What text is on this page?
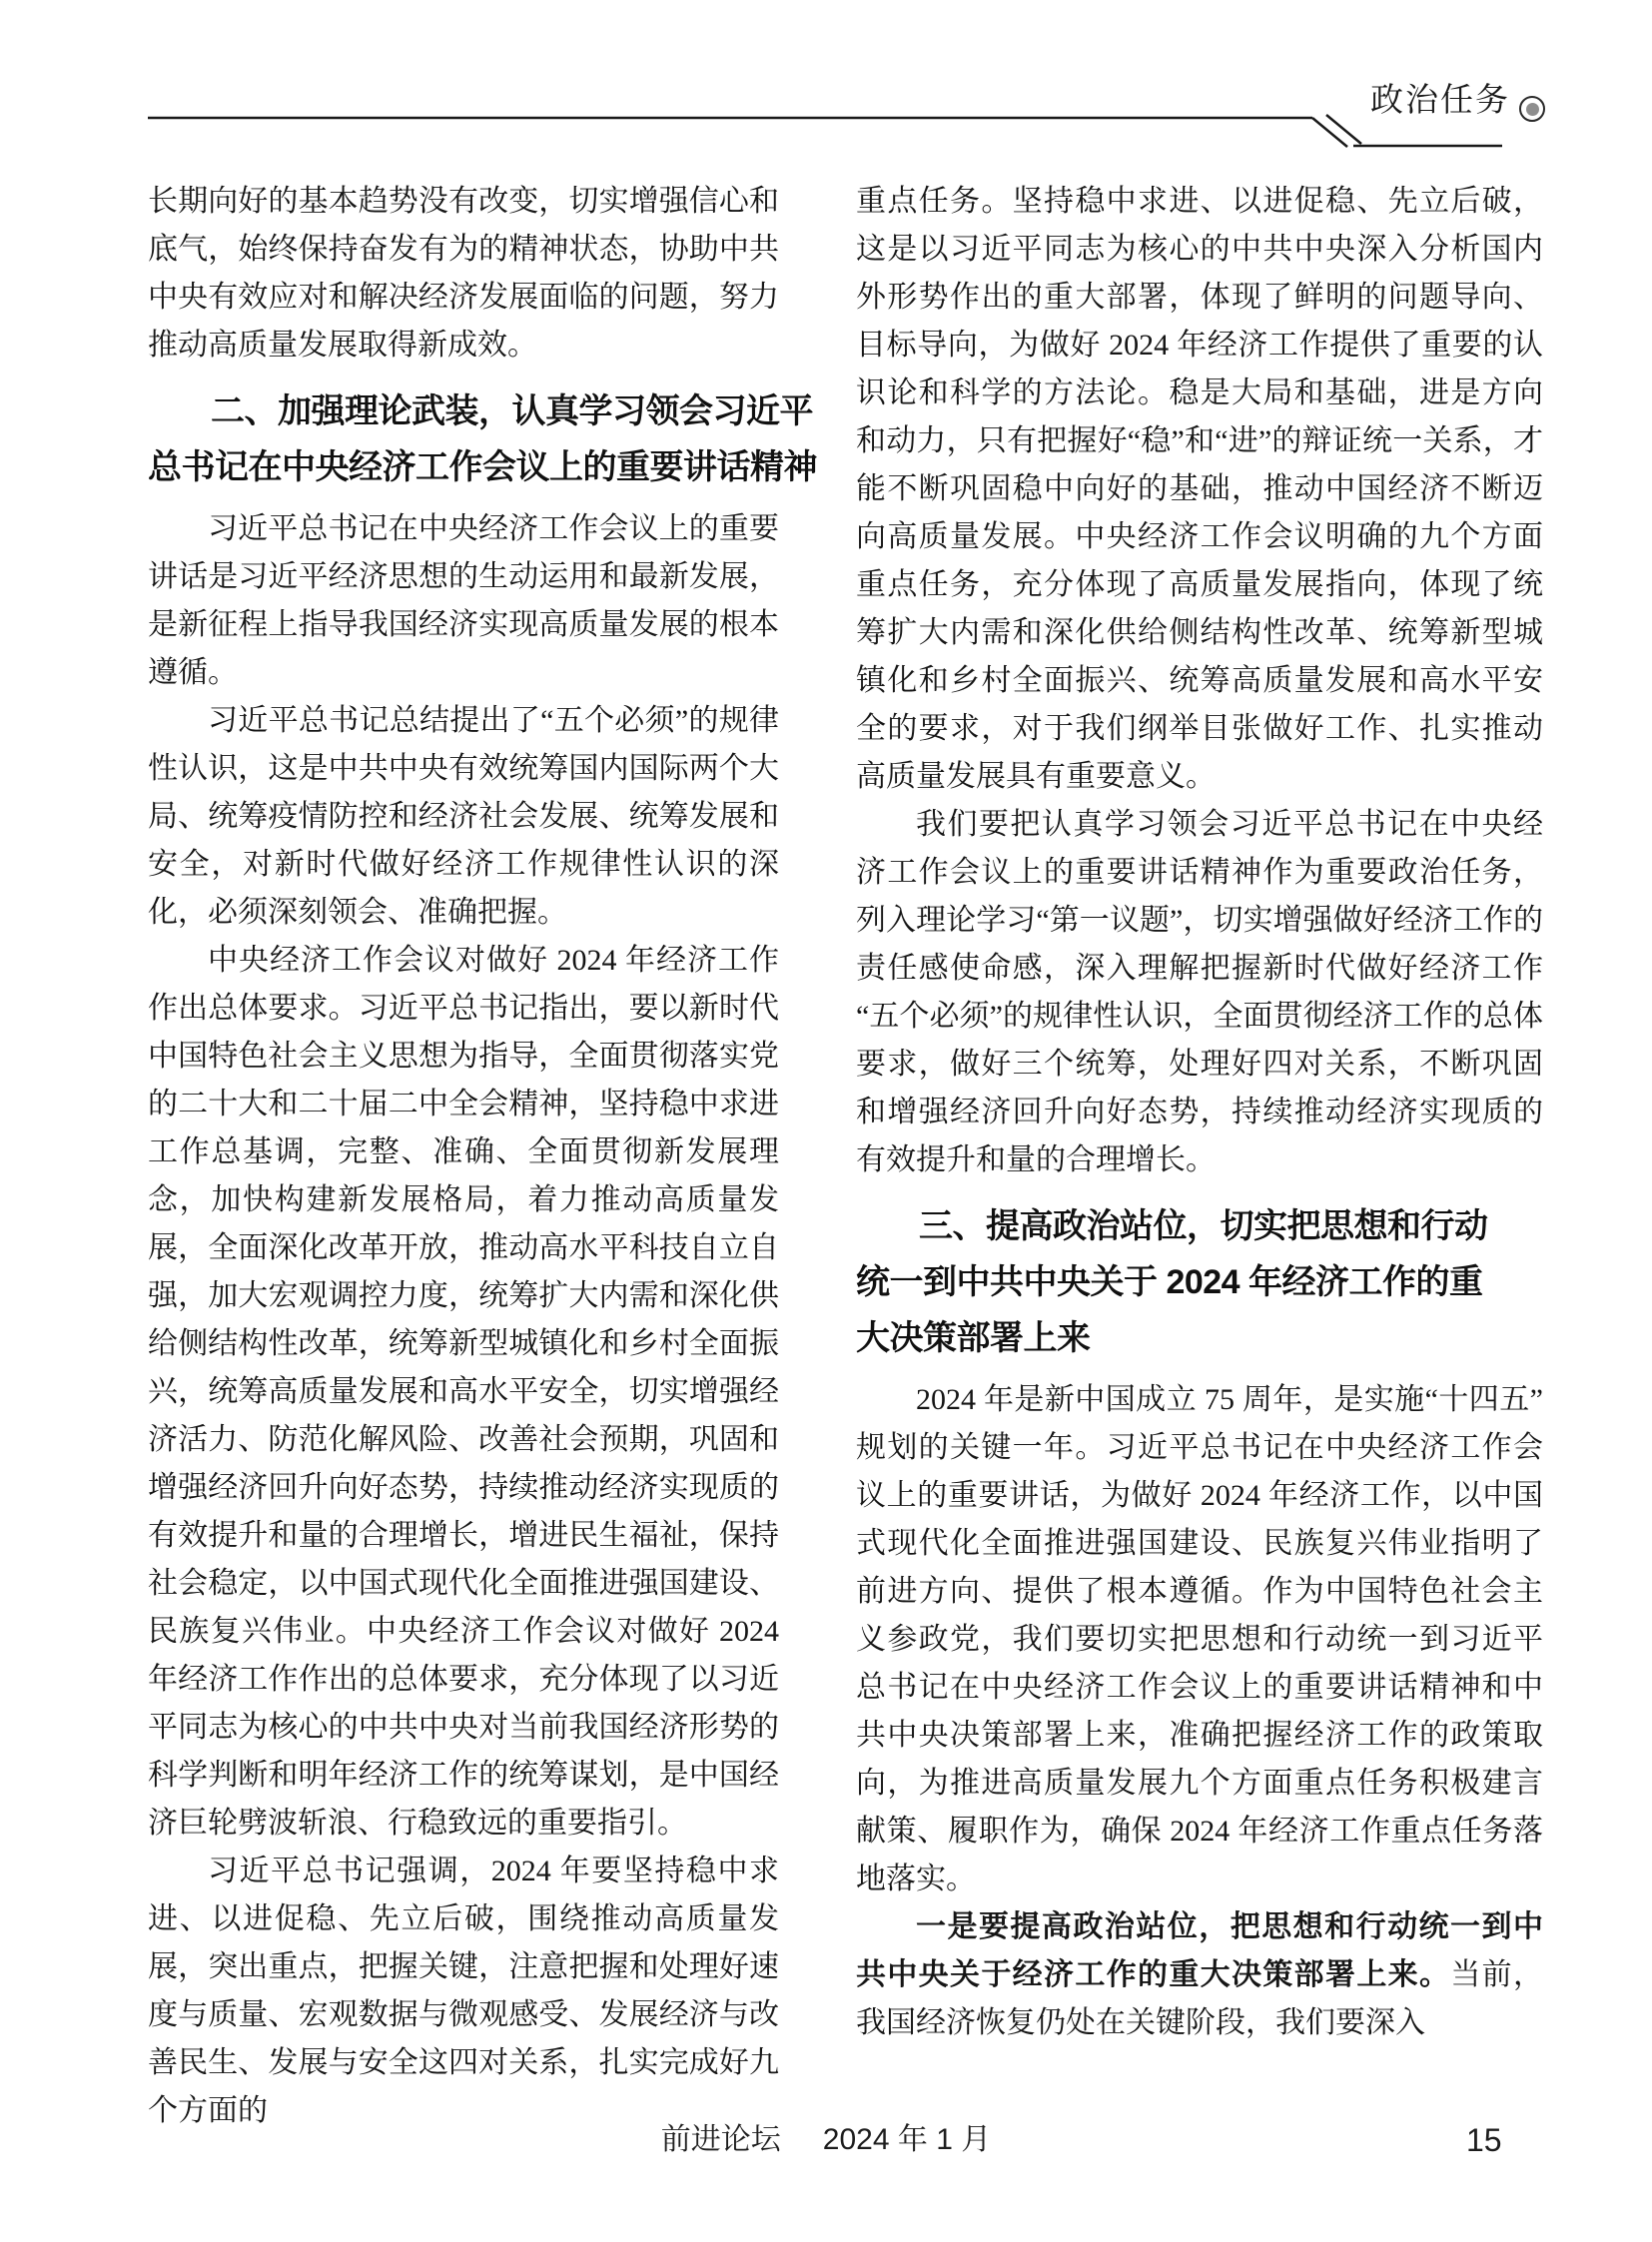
政治任务

长期向好的基本趋势没有改变，切实增强信心和底气，始终保持奋发有为的精神状态，协助中共中央有效应对和解决经济发展面临的问题，努力推动高质量发展取得新成效。

二、加强理论武装，认真学习领会习近平
总书记在中央经济工作会议上的重要讲话精神

习近平总书记在中央经济工作会议上的重要讲话是习近平经济思想的生动运用和最新发展，是新征程上指导我国经济实现高质量发展的根本遵循。

习近平总书记总结提出了“五个必须”的规律性认识，这是中共中央有效统筹国内国际两个大局、统筹疫情防控和经济社会发展、统筹发展和安全，对新时代做好经济工作规律性认识的深化，必须深刻领会、准确把握。

中央经济工作会议对做好 2024 年经济工作作出总体要求。习近平总书记指出，要以新时代中国特色社会主义思想为指导，全面贯彻落实党的二十大和二十届二中全会精神，坚持稳中求进工作总基调，完整、准确、全面贯彻新发展理念，加快构建新发展格局，着力推动高质量发展，全面深化改革开放，推动高水平科技自立自强，加大宏观调控力度，统筹扩大内需和深化供给侧结构性改革，统筹新型城镇化和乡村全面振兴，统筹高质量发展和高水平安全，切实增强经济活力、防范化解风险、改善社会预期，巩固和增强经济回升向好态势，持续推动经济实现质的有效提升和量的合理增长，增进民生福祉，保持社会稳定，以中国式现代化全面推进强国建设、民族复兴伟业。中央经济工作会议对做好 2024 年经济工作作出的总体要求，充分体现了以习近平同志为核心的中共中央对当前我国经济形势的科学判断和明年经济工作的统筹谋划，是中国经济巨轮劈波斩浪、行稳致远的重要指引。

习近平总书记强调，2024 年要坚持稳中求进、以进促稳、先立后破，围绕推动高质量发展，突出重点，把握关键，注意把握和处理好速度与质量、宏观数据与微观感受、发展经济与改善民生、发展与安全这四对关系，扎实完成好九个方面的

重点任务。坚持稳中求进、以进促稳、先立后破，这是以习近平同志为核心的中共中央深入分析国内外形势作出的重大部署，体现了鲜明的问题导向、目标导向，为做好 2024 年经济工作提供了重要的认识论和科学的方法论。稳是大局和基础，进是方向和动力，只有把握好“稳”和“进”的辩证统一关系，才能不断巩固稳中向好的基础，推动中国经济不断迈向高质量发展。中央经济工作会议明确的九个方面重点任务，充分体现了高质量发展指向，体现了统筹扩大内需和深化供给侧结构性改革、统筹新型城镇化和乡村全面振兴、统筹高质量发展和高水平安全的要求，对于我们纲举目张做好工作、扎实推动高质量发展具有重要意义。

我们要把认真学习领会习近平总书记在中央经济工作会议上的重要讲话精神作为重要政治任务，列入理论学习“第一议题”，切实增强做好经济工作的责任感使命感，深入理解把握新时代做好经济工作“五个必须”的规律性认识，全面贯彻经济工作的总体要求，做好三个统筹，处理好四对关系，不断巩固和增强经济回升向好态势，持续推动经济实现质的有效提升和量的合理增长。

三、提高政治站位，切实把思想和行动
统一到中共中央关于 2024 年经济工作的重
大决策部署上来

2024 年是新中国成立 75 周年，是实施“十四五”规划的关键一年。习近平总书记在中央经济工作会议上的重要讲话，为做好 2024 年经济工作，以中国式现代化全面推进强国建设、民族复兴伟业指明了前进方向、提供了根本遵循。作为中国特色社会主义参政党，我们要切实把思想和行动统一到习近平总书记在中央经济工作会议上的重要讲话精神和中共中央决策部署上来，准确把握经济工作的政策取向，为推进高质量发展九个方面重点任务积极建言献策、履职作为，确保 2024 年经济工作重点任务落地落实。

一是要提高政治站位，把思想和行动统一到中共中央关于经济工作的重大决策部署上来。当前，我国经济恢复仍处在关键阶段，我们要深入

前进论坛 2024 年 1 月	15
